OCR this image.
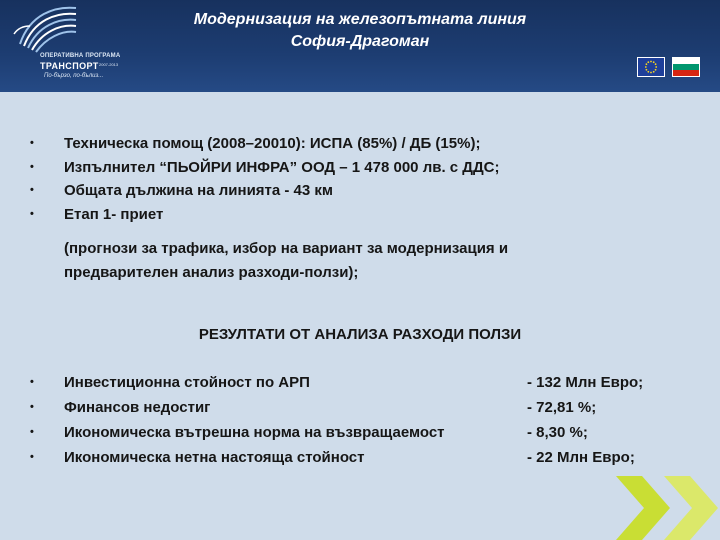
ОПЕРАТИВНА ПРОГРАМА
ТРАНСПОРТ 2007-2013
По-бързо, по-бълиз...
Модернизация на железопътната линия
София-Драгоман
• Техническа помощ (2008–20010): ИСПА (85%) / ДБ (15%);
• Изпълнител “ПЬОЙРИ ИНФРА” ООД – 1 478 000 лв. с ДДС;
• Общата дължина на линията - 43 км
• Етап 1- приет
(прогнози за трафика, избор на вариант за модернизация и
предварителен анализ разходи-ползи);
РЕЗУЛТАТИ ОТ АНАЛИЗА РАЗХОДИ ПОЛЗИ
• Инвестиционна стойност по АРП	- 132 Млн Евро;
• Финансов недостиг	- 72,81 %;
• Икономическа вътрешна норма на възвращаемост	- 8,30 %;
• Икономическа нетна настояща стойност	- 22 Млн Евро;
